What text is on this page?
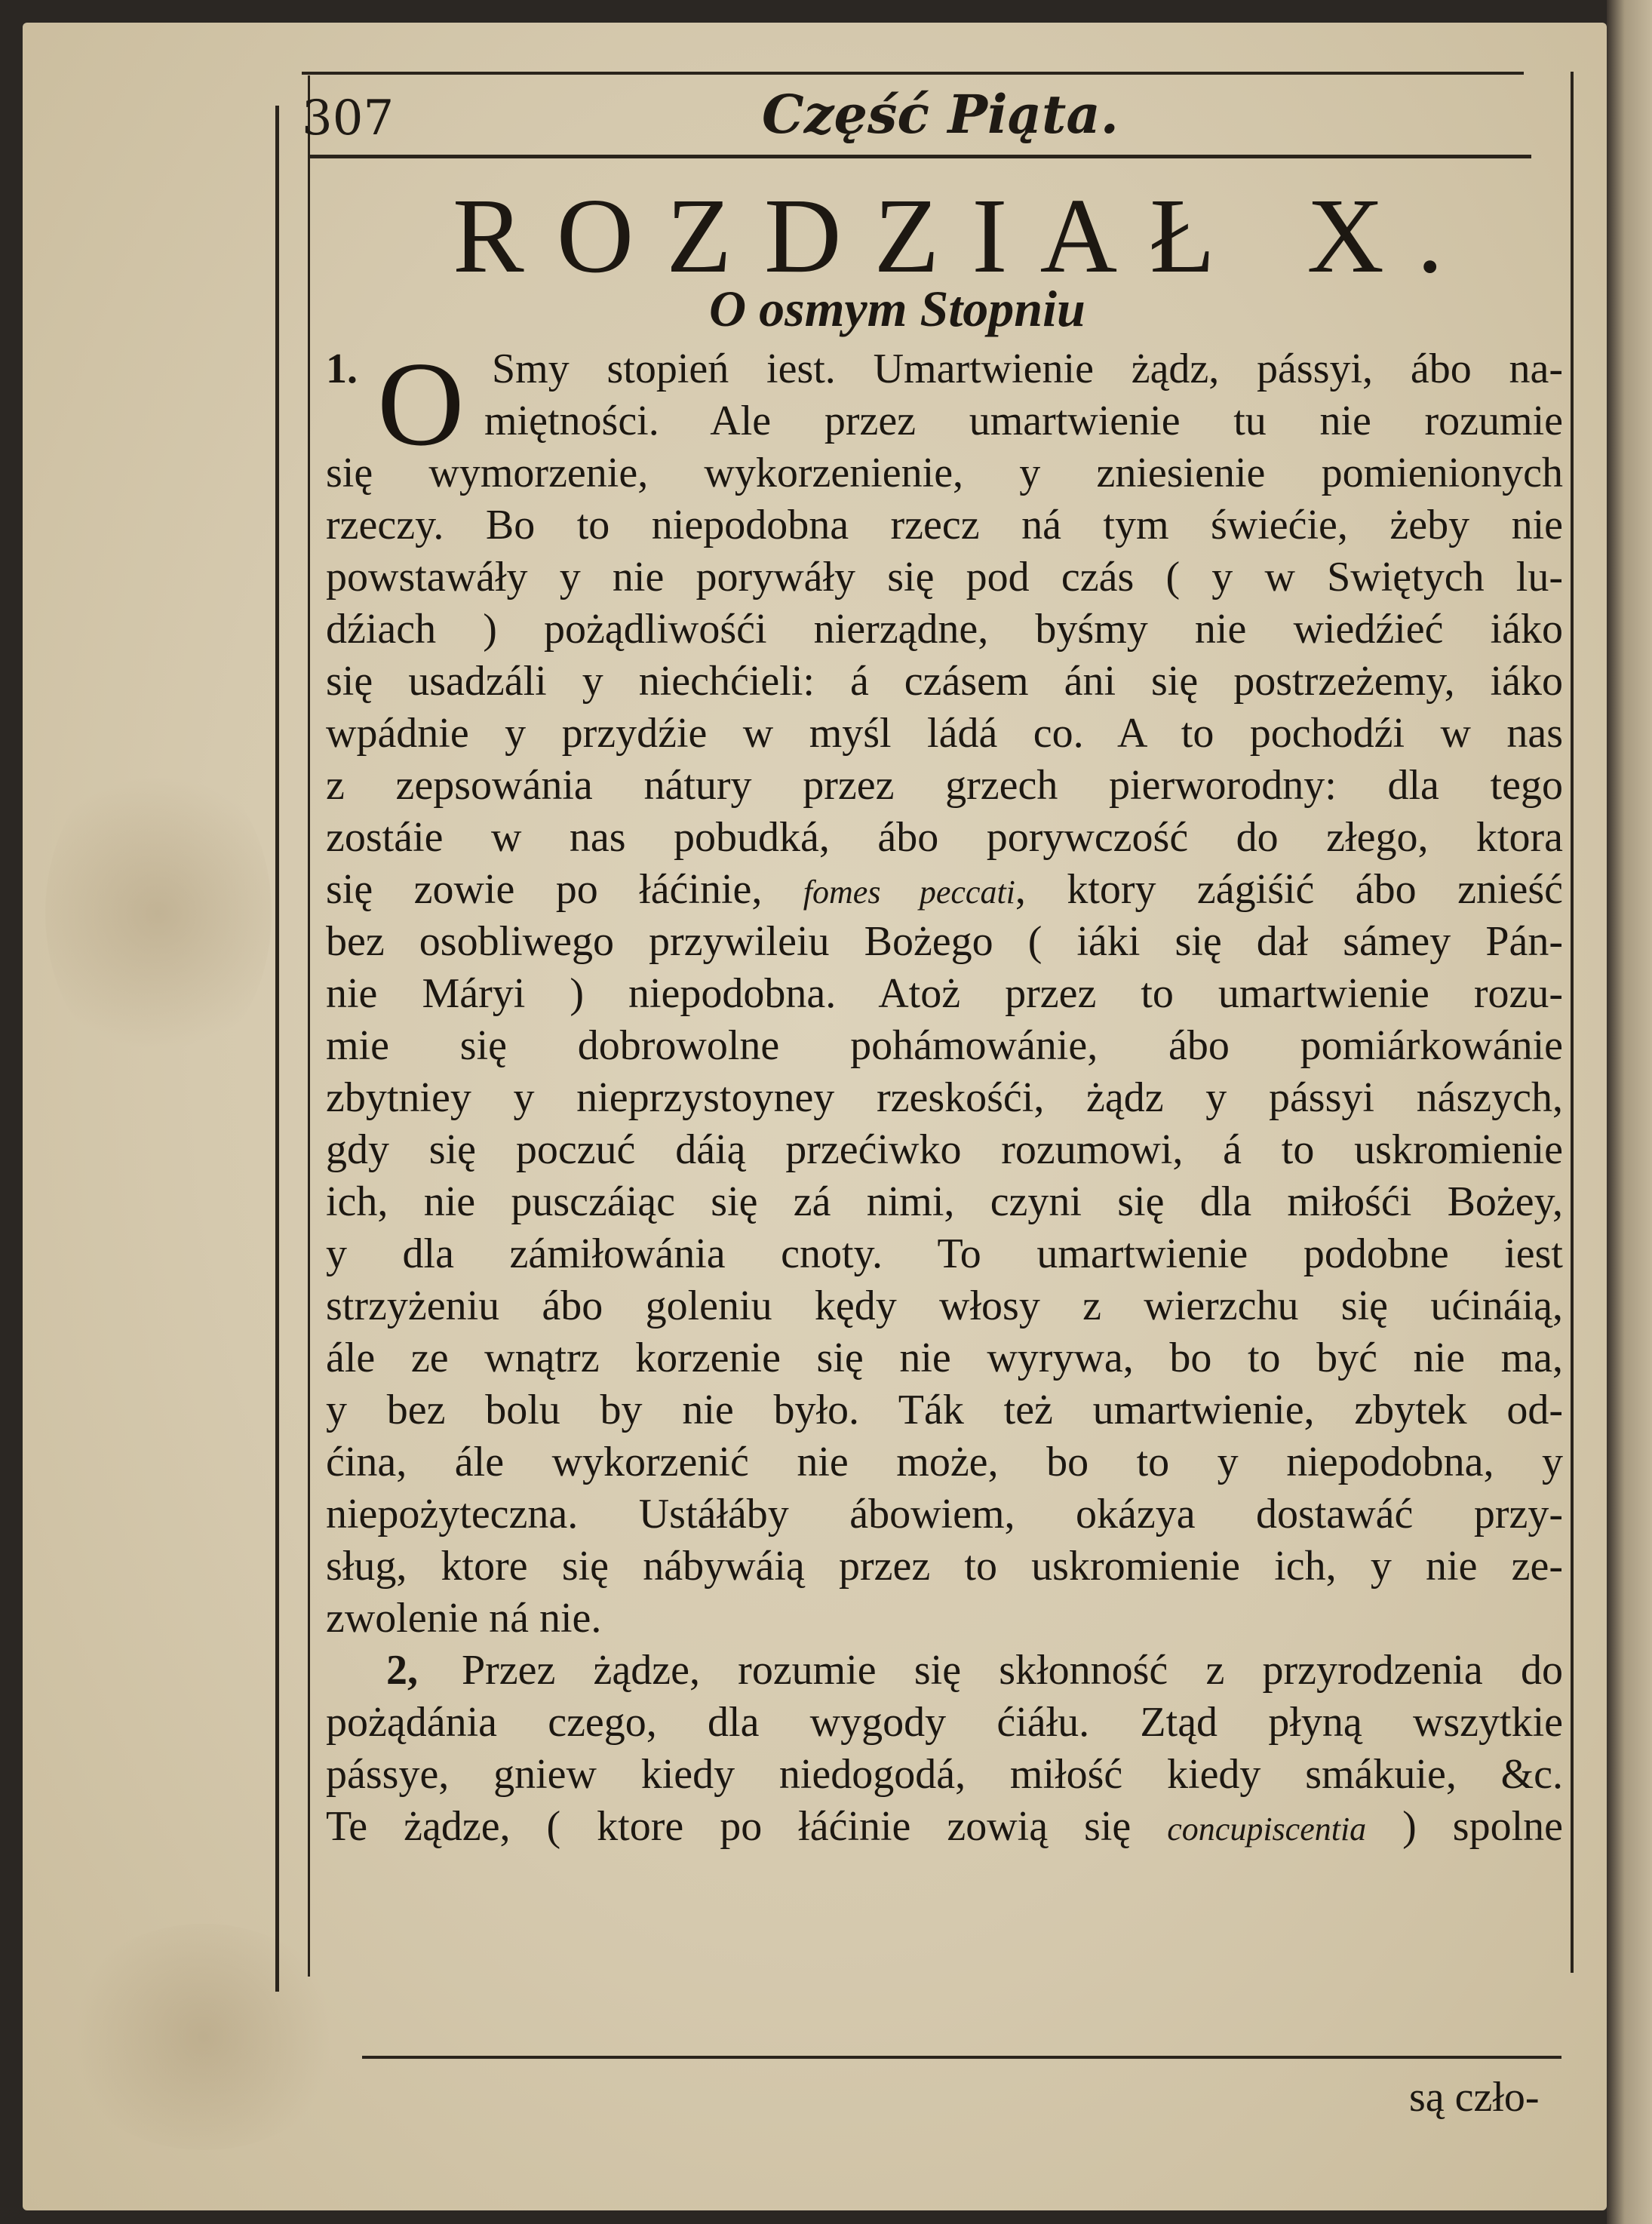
307	Część Piąta.
ROZDZIAŁ X.
O osmym Stopniu
O
1.	Smy stopień iest. Umartwienie żądz, pássyi, ábo na-
miętności. Ale przez umartwienie tu nie rozumie
się wymorzenie, wykorzenienie, y zniesienie pomienionych
rzeczy. Bo to niepodobna rzecz ná tym świećie, żeby nie
powstawáły y nie porywáły się pod czás ( y w Swiętych lu-
dźiach ) pożądliwośći nierządne, byśmy nie wiedźieć iáko
się usadzáli y niechćieli: á czásem áni się postrzeżemy, iáko
wpádnie y przydźie w myśl ládá co. A to pochodźi w nas
z zepsowánia nátury przez grzech pierworodny: dla tego
zostáie w nas pobudká, ábo porywczość do złego, ktora
się zowie po łáćinie, fomes peccati, ktory zágiśić ábo znieść
bez osobliwego przywileiu Bożego ( iáki się dał sámey Pán-
nie Máryi ) niepodobna. Atoż przez to umartwienie rozu-
mie się dobrowolne pohámowánie, ábo pomiárkowánie
zbytniey y nieprzystoyney rzeskośći, żądz y pássyi nászych,
gdy się poczuć dáią przećiwko rozumowi, á to uskromienie
ich, nie pusczáiąc się zá nimi, czyni się dla miłośći Bożey,
y dla zámiłowánia cnoty. To umartwienie podobne iest
strzyżeniu ábo goleniu kędy włosy z wierzchu się ućináią,
ále ze wnątrz korzenie się nie wyrywa, bo to być nie ma,
y bez bolu by nie było. Ták też umartwienie, zbytek od-
ćina, ále wykorzenić nie może, bo to y niepodobna, y
niepożyteczna. Ustáłáby ábowiem, okázya dostawáć przy-
sług, ktore się nábywáią przez to uskromienie ich, y nie ze-
zwolenie ná nie.
2, Przez żądze, rozumie się skłonność z przyrodzenia do
pożądánia czego, dla wygody ćiáłu. Ztąd płyną wszytkie
pássye, gniew kiedy niedogodá, miłość kiedy smákuie, &c.
Te żądze, ( ktore po łáćinie zowią się concupiscentia ) spolne
są czło-
